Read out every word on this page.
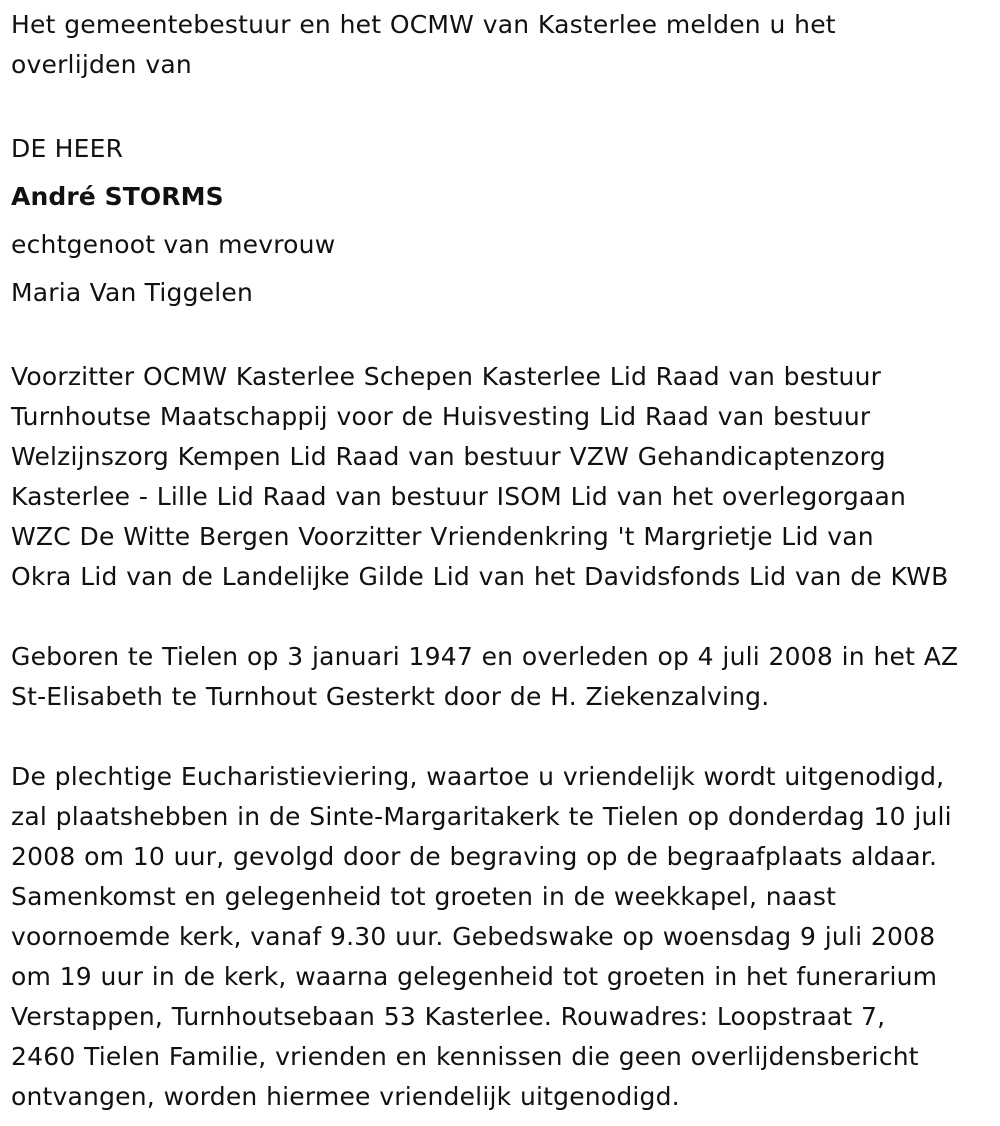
Het gemeentebestuur en het OCMW van Kasterlee melden u het
overlijden van

DE HEER

André STORMS

echtgenoot van mevrouw

Maria Van Tiggelen

Voorzitter OCMW Kasterlee Schepen Kasterlee Lid Raad van bestuur
Turnhoutse Maatschappij voor de Huisvesting Lid Raad van bestuur
Welzijnszorg Kempen Lid Raad van bestuur VZW Gehandicaptenzorg
Kasterlee - Lille Lid Raad van bestuur ISOM Lid van het overlegorgaan
WZC De Witte Bergen Voorzitter Vriendenkring 't Margrietje Lid van
Okra Lid van de Landelijke Gilde Lid van het Davidsfonds Lid van de KWB

Geboren te Tielen op 3 januari 1947 en overleden op 4 juli 2008 in het AZ
St-Elisabeth te Turnhout Gesterkt door de H. Ziekenzalving.

De plechtige Eucharistieviering, waartoe u vriendelijk wordt uitgenodigd,
zal plaatshebben in de Sinte-Margaritakerk te Tielen op donderdag 10 juli
2008 om 10 uur, gevolgd door de begraving op de begraafplaats aldaar.
Samenkomst en gelegenheid tot groeten in de weekkapel, naast
voornoemde kerk, vanaf 9.30 uur. Gebedswake op woensdag 9 juli 2008
om 19 uur in de kerk, waarna gelegenheid tot groeten in het funerarium
Verstappen, Turnhoutsebaan 53 Kasterlee. Rouwadres: Loopstraat 7,
2460 Tielen Familie, vrienden en kennissen die geen overlijdensbericht
ontvangen, worden hiermee vriendelijk uitgenodigd.
